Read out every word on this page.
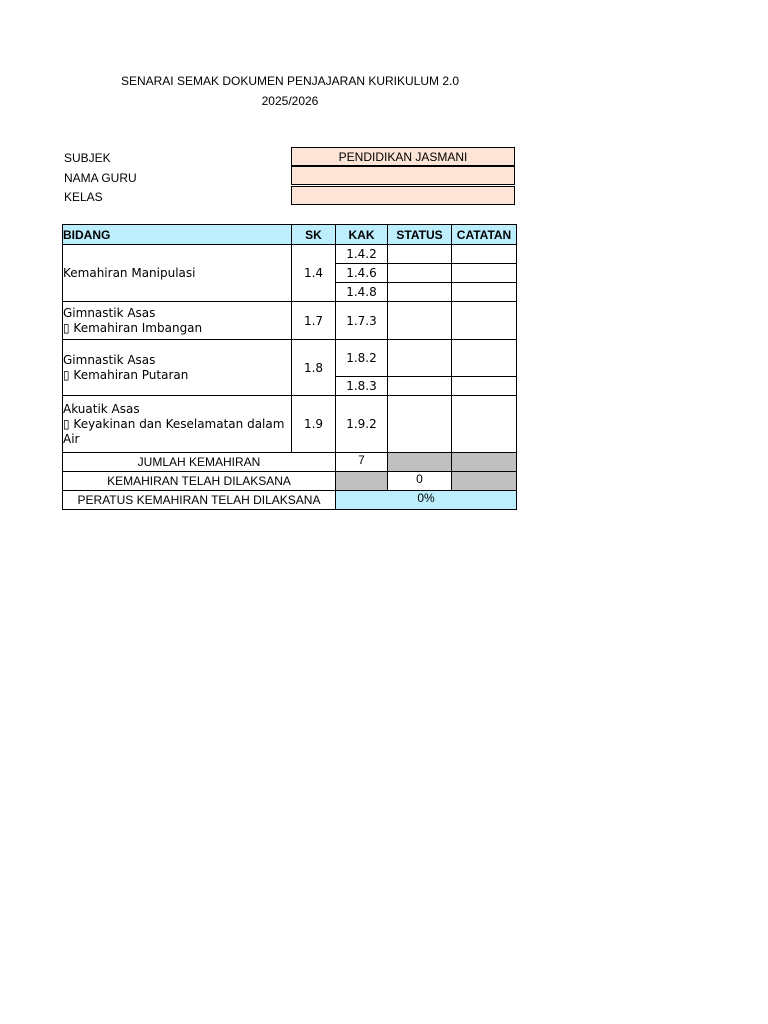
SENARAI SEMAK DOKUMEN PENJAJARAN KURIKULUM 2.0
2025/2026
SUBJEK	PENDIDIKAN JASMANI
NAMA GURU
KELAS
BIDANG	SK	KAK	STATUS	CATATAN
Kemahiran Manipulasi	1.4	1.4.2		
		1.4.6		
		1.4.8		

Gimnastik Asas
▯ Kemahiran Imbangan	1.7	1.7.3		

Gimnastik Asas
▯ Kemahiran Putaran	1.8	1.8.2		
		1.8.3		

Akuatik Asas
▯ Keyakinan dan Keselamatan dalam Air	1.9	1.9.2		
JUMLAH KEMAHIRAN		7		
KEMAHIRAN TELAH DILAKSANA			0	
PERATUS KEMAHIRAN TELAH DILAKSANA		0%		
